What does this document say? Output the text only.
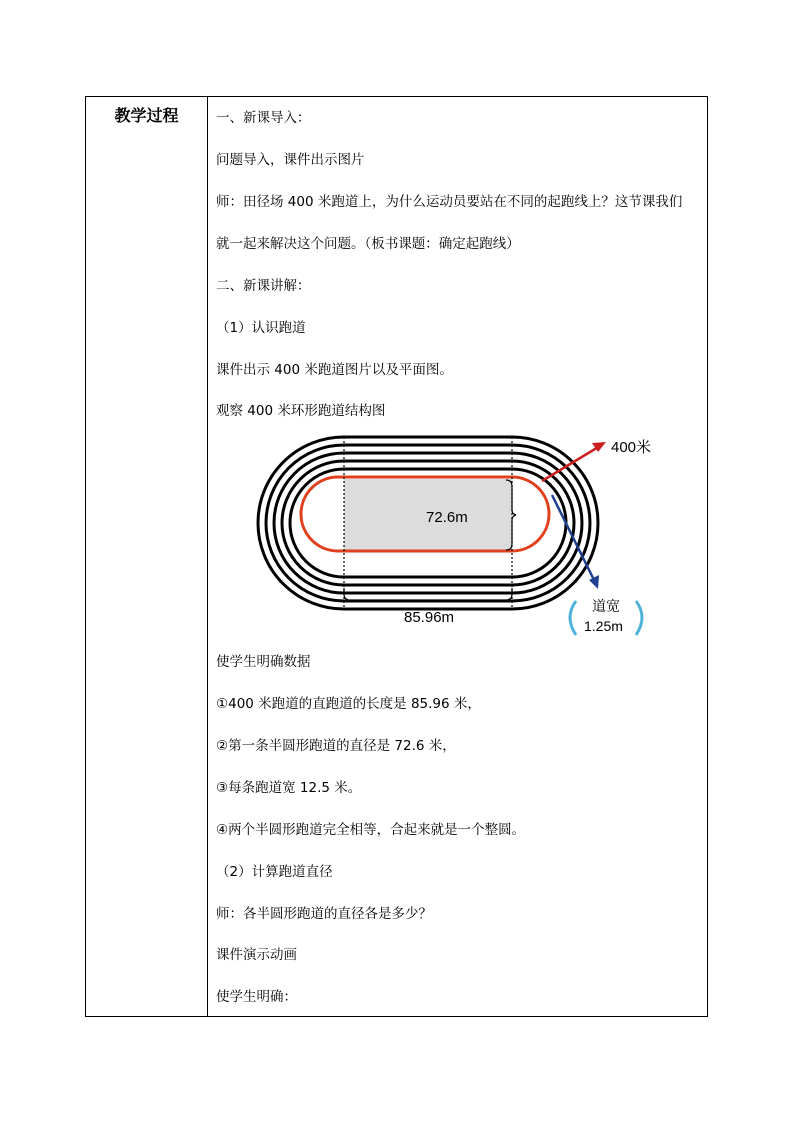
教学过程	一、新课导入：
问题导入，课件出示图片
师：田径场 400 米跑道上，为什么运动员要站在不同的起跑线上？这节课我们
就一起来解决这个问题。（板书课题：确定起跑线）
二、新课讲解：
（1）认识跑道
课件出示 400 米跑道图片以及平面图。
观察 400 米环形跑道结构图
72.6m
85.96m
400米
道宽
1.25m
使学生明确数据
①400 米跑道的直跑道的长度是 85.96 米，
②第一条半圆形跑道的直径是 72.6 米，
③每条跑道宽 12.5 米。
④两个半圆形跑道完全相等，合起来就是一个整圆。
（2）计算跑道直径
师：各半圆形跑道的直径各是多少？
课件演示动画
使学生明确：
